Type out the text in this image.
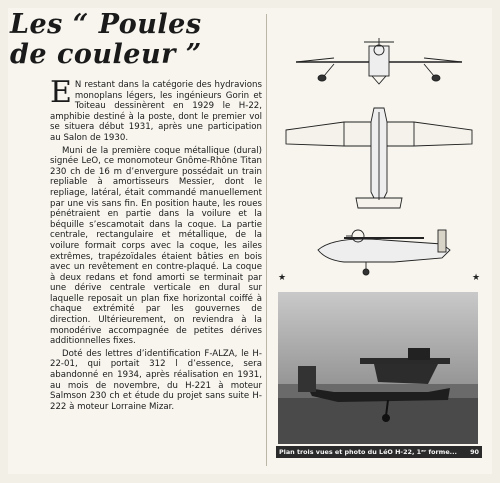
Les “ Poules
de couleur ”

E N restant dans la catégorie des hydravions monoplans légers, les ingénieurs Gorin et Toiteau dessinèrent en 1929 le H-22, amphibie destiné à la poste, dont le premier vol se situera début 1931, après une participation au Salon de 1930.

Muni de la première coque métallique (dural) signée LeO, ce monomoteur Gnôme-Rhône Titan 230 ch de 16 m d’envergure possédait un train repliable à amortisseurs Messier, dont le repliage, latéral, était commandé manuellement par une vis sans fin. En position haute, les roues pénétraient en partie dans la voilure et la béquille s’escamotait dans la coque. La partie centrale, rectangulaire et métallique, de la voilure formait corps avec la coque, les ailes extrêmes, trapézoïdales étaient bâties en bois avec un revêtement en contre-plaqué. La coque à deux redans et fond amorti se terminait par une dérive centrale verticale en dural sur laquelle reposait un plan fixe horizontal coiffé à chaque extrémité par les gouvernes de direction. Ultérieurement, on reviendra à la monodérive accompagnée de petites dérives additionnelles fixes.

Doté des lettres d’identification F-ALZA, le H-22-01, qui portait 312 l d’essence, sera abandonné en 1934, après réalisation en 1931, au mois de novembre, du H-221 à moteur Salmson 230 ch et étude du projet sans suite H-222 à moteur Lorraine Mizar.

★	★
Plan trois vues et photo du LéO H-22, 1ᵉʳ forme... 90
